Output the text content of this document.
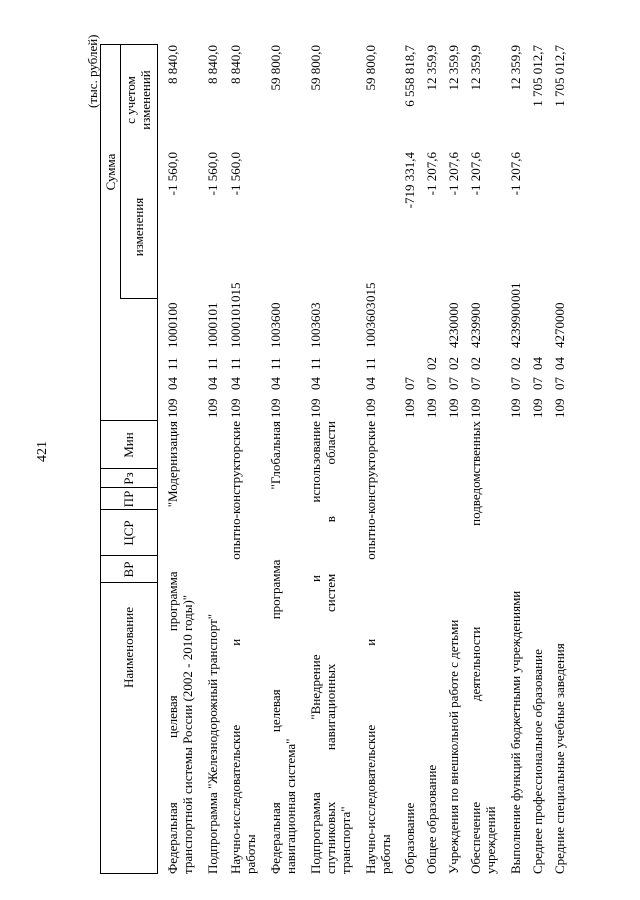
421
(тыс. рублей)
Наименование
Мин
Рз
ПР
ЦСР
ВР
Сумма
изменения
с учетом изменений
Федеральная
целевая
программа
"Модернизация
транспортной системы России (2002 - 2010 годы)"
109
04
11
1000100
-1 560,0
8 840,0
Подпрограмма "Железнодорожный транспорт"
109
04
11
1000101
-1 560,0
8 840,0
Научно-исследовательские
и
опытно-конструкторские
работы
109
04
11
1000101
015
-1 560,0
8 840,0
Федеральная
целевая
программа
"Глобальная
навигационная система"
109
04
11
1003600
59 800,0
Подпрограмма
"Внедрение
и
использование
спутниковых
навигационных
систем
в
области
транспорта"
109
04
11
1003603
59 800,0
Научно-исследовательские
и
опытно-конструкторские
работы
109
04
11
1003603
015
59 800,0
Образование
109
07
-719 331,4
6 558 818,7
Общее образование
109
07
02
-1 207,6
12 359,9
Учреждения по внешкольной работе с детьми
109
07
02
4230000
-1 207,6
12 359,9
Обеспечение
деятельности
подведомственных
учреждений
109
07
02
4239900
-1 207,6
12 359,9
Выполнение функций бюджетными учреждениями
109
07
02
4239900
001
-1 207,6
12 359,9
Среднее профессиональное образование
109
07
04
1 705 012,7
Средние специальные учебные заведения
109
07
04
4270000
1 705 012,7
